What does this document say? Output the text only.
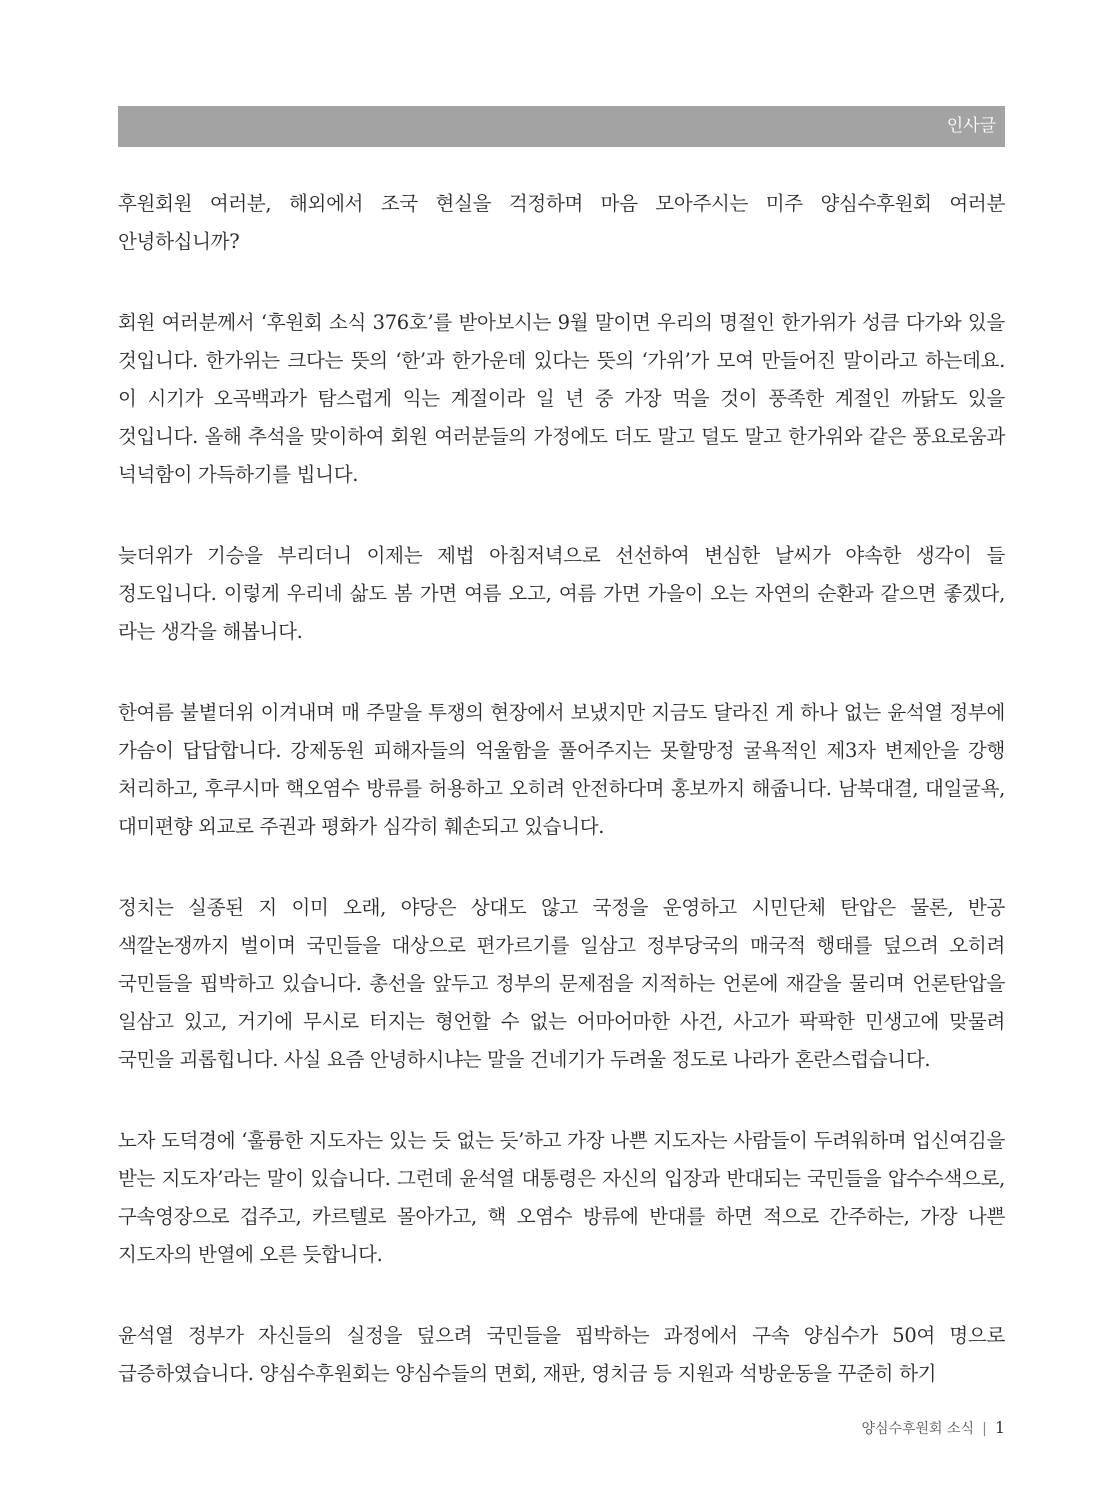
인사글

후원회원 여러분, 해외에서 조국 현실을 걱정하며 마음 모아주시는 미주 양심수후원회 여러분 안녕하십니까?

회원 여러분께서 ‘후원회 소식 376호’를 받아보시는 9월 말이면 우리의 명절인 한가위가 성큼 다가와 있을 것입니다. 한가위는 크다는 뜻의 ‘한’과 한가운데 있다는 뜻의 ‘가위’가 모여 만들어진 말이라고 하는데요. 이 시기가 오곡백과가 탐스럽게 익는 계절이라 일 년 중 가장 먹을 것이 풍족한 계절인 까닭도 있을 것입니다. 올해 추석을 맞이하여 회원 여러분들의 가정에도 더도 말고 덜도 말고 한가위와 같은 풍요로움과 넉넉함이 가득하기를 빕니다.

늦더위가 기승을 부리더니 이제는 제법 아침저녁으로 선선하여 변심한 날씨가 야속한 생각이 들 정도입니다. 이렇게 우리네 삶도 봄 가면 여름 오고, 여름 가면 가을이 오는 자연의 순환과 같으면 좋겠다, 라는 생각을 해봅니다.

한여름 불볕더위 이겨내며 매 주말을 투쟁의 현장에서 보냈지만 지금도 달라진 게 하나 없는 윤석열 정부에 가슴이 답답합니다. 강제동원 피해자들의 억울함을 풀어주지는 못할망정 굴욕적인 제3자 변제안을 강행 처리하고, 후쿠시마 핵오염수 방류를 허용하고 오히려 안전하다며 홍보까지 해줍니다. 남북대결, 대일굴욕, 대미편향 외교로 주권과 평화가 심각히 훼손되고 있습니다.

정치는 실종된 지 이미 오래, 야당은 상대도 않고 국정을 운영하고 시민단체 탄압은 물론, 반공 색깔논쟁까지 벌이며 국민들을 대상으로 편가르기를 일삼고 정부당국의 매국적 행태를 덮으려 오히려 국민들을 핍박하고 있습니다. 총선을 앞두고 정부의 문제점을 지적하는 언론에 재갈을 물리며 언론탄압을 일삼고 있고, 거기에 무시로 터지는 형언할 수 없는 어마어마한 사건, 사고가 팍팍한 민생고에 맞물려 국민을 괴롭힙니다. 사실 요즘 안녕하시냐는 말을 건네기가 두려울 정도로 나라가 혼란스럽습니다.

노자 도덕경에 ‘훌륭한 지도자는 있는 듯 없는 듯’하고 가장 나쁜 지도자는 사람들이 두려워하며 업신여김을 받는 지도자’라는 말이 있습니다. 그런데 윤석열 대통령은 자신의 입장과 반대되는 국민들을 압수수색으로, 구속영장으로 겁주고, 카르텔로 몰아가고, 핵 오염수 방류에 반대를 하면 적으로 간주하는, 가장 나쁜 지도자의 반열에 오른 듯합니다.

윤석열 정부가 자신들의 실정을 덮으려 국민들을 핍박하는 과정에서 구속 양심수가 50여 명으로 급증하였습니다. 양심수후원회는 양심수들의 면회, 재판, 영치금 등 지원과 석방운동을 꾸준히 하기

양심수후원회 소식 | 1
